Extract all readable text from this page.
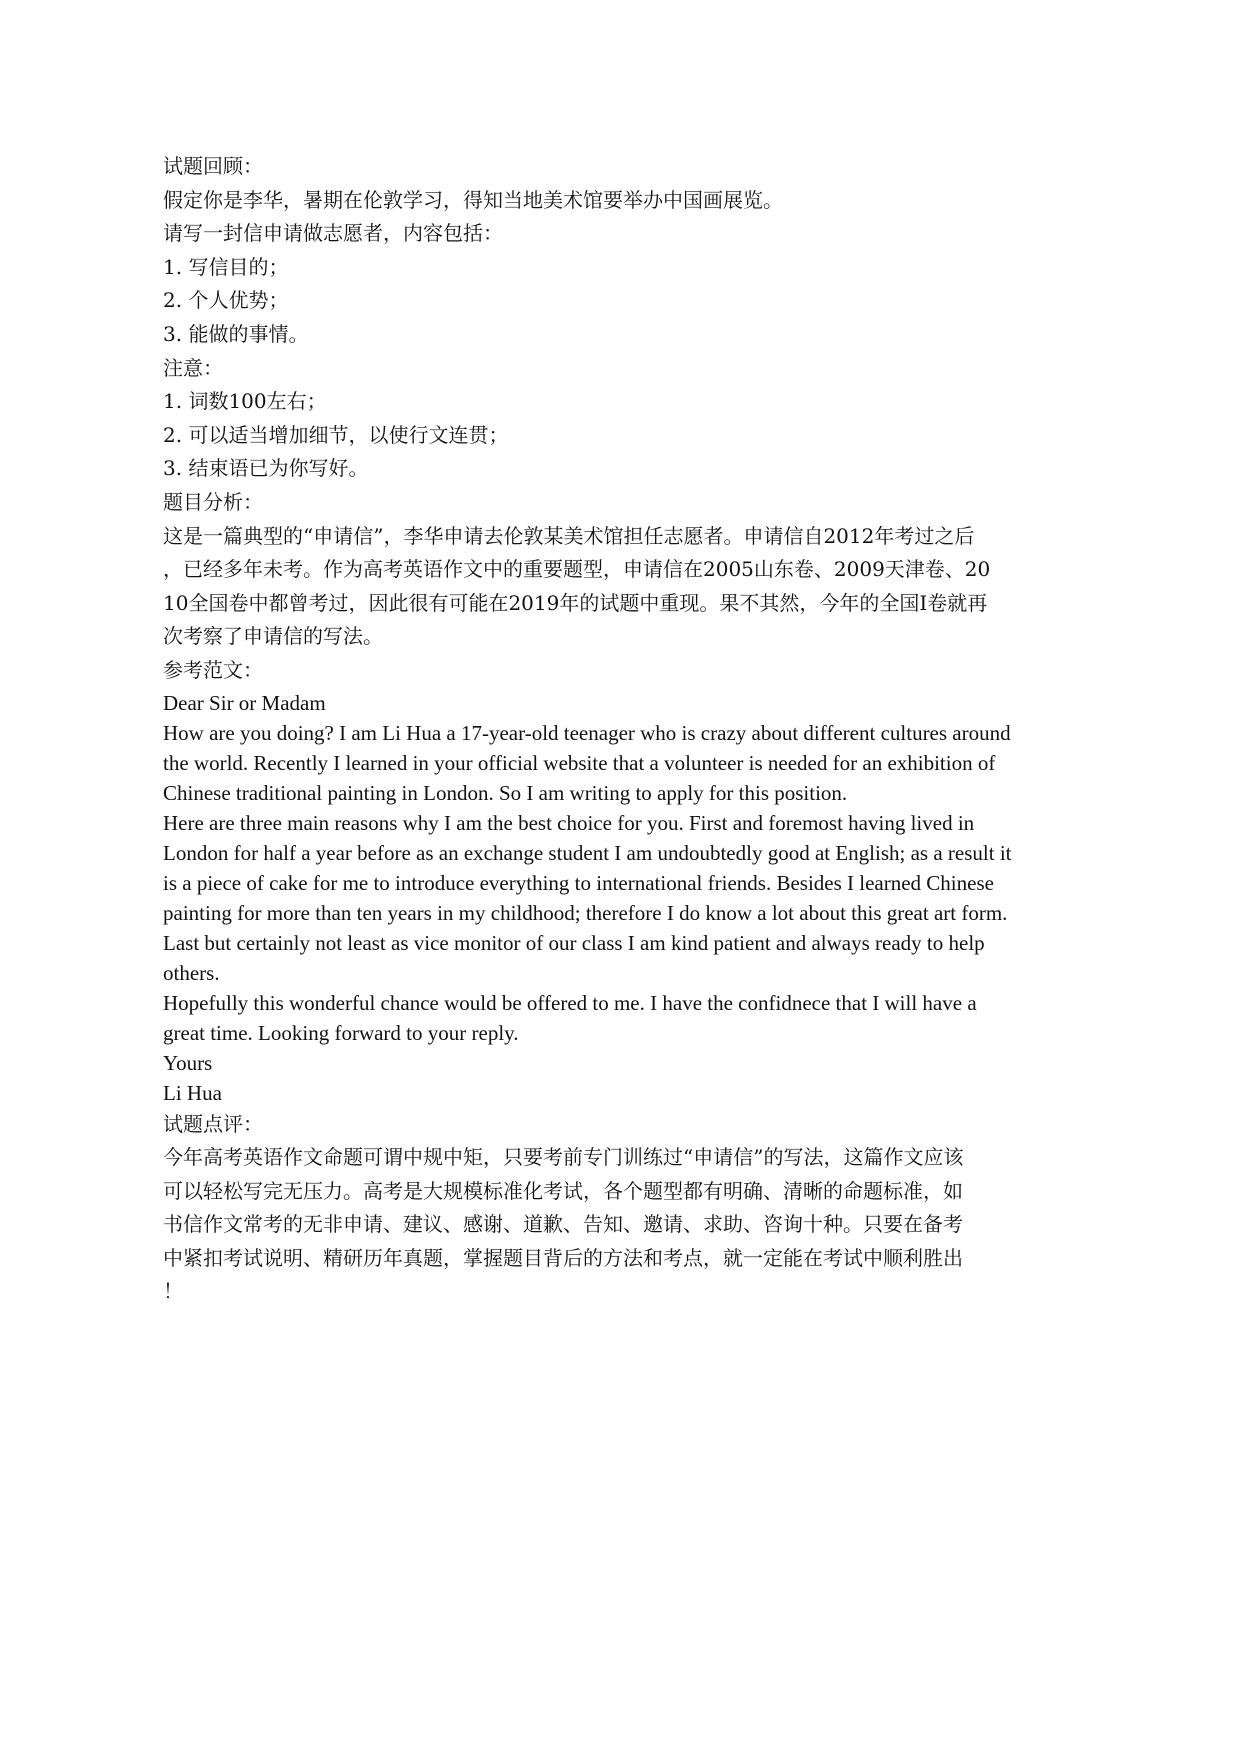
试题回顾：
假定你是李华，暑期在伦敦学习，得知当地美术馆要举办中国画展览。
请写一封信申请做志愿者，内容包括：
1. 写信目的；
2. 个人优势；
3. 能做的事情。
注意：
1. 词数100左右；
2. 可以适当增加细节，以使行文连贯；
3. 结束语已为你写好。
题目分析：
这是一篇典型的“申请信”，李华申请去伦敦某美术馆担任志愿者。申请信自2012年考过之后
，已经多年未考。作为高考英语作文中的重要题型，申请信在2005山东卷、2009天津卷、20
10全国卷中都曾考过，因此很有可能在2019年的试题中重现。果不其然，今年的全国I卷就再
次考察了申请信的写法。
参考范文：
Dear Sir or Madam
How are you doing? I am Li Hua a 17-year-old teenager who is crazy about different cultures around
the world. Recently I learned in your official website that a volunteer is needed for an exhibition of
Chinese traditional painting in London. So I am writing to apply for this position.
Here are three main reasons why I am the best choice for you. First and foremost having lived in
London for half a year before as an exchange student I am undoubtedly good at English; as a result it
is a piece of cake for me to introduce everything to international friends. Besides I learned Chinese
painting for more than ten years in my childhood; therefore I do know a lot about this great art form.
Last but certainly not least as vice monitor of our class I am kind patient and always ready to help
others.
Hopefully this wonderful chance would be offered to me. I have the confidnece that I will have a
great time. Looking forward to your reply.
Yours
Li Hua
试题点评：
今年高考英语作文命题可谓中规中矩，只要考前专门训练过“申请信”的写法，这篇作文应该
可以轻松写完无压力。高考是大规模标准化考试，各个题型都有明确、清晰的命题标准，如
书信作文常考的无非申请、建议、感谢、道歉、告知、邀请、求助、咨询十种。只要在备考
中紧扣考试说明、精研历年真题，掌握题目背后的方法和考点，就一定能在考试中顺利胜出
！
